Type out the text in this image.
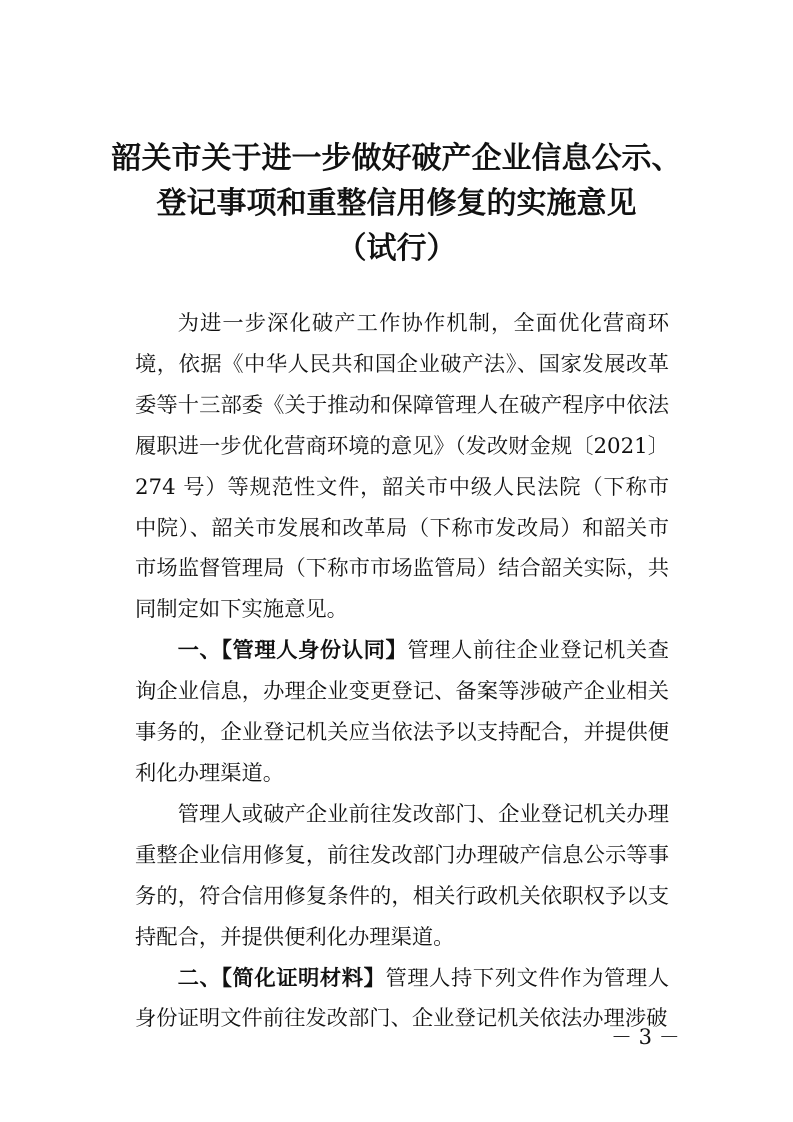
韶关市关于进一步做好破产企业信息公示、
登记事项和重整信用修复的实施意见
（试行）

为进一步深化破产工作协作机制，全面优化营商环境，依据《中华人民共和国企业破产法》、国家发展改革委等十三部委《关于推动和保障管理人在破产程序中依法履职进一步优化营商环境的意见》（发改财金规〔2021〕274 号）等规范性文件，韶关市中级人民法院（下称市中院）、韶关市发展和改革局（下称市发改局）和韶关市市场监督管理局（下称市市场监管局）结合韶关实际，共同制定如下实施意见。

一、【管理人身份认同】管理人前往企业登记机关查询企业信息，办理企业变更登记、备案等涉破产企业相关事务的，企业登记机关应当依法予以支持配合，并提供便利化办理渠道。

管理人或破产企业前往发改部门、企业登记机关办理重整企业信用修复，前往发改部门办理破产信息公示等事务的，符合信用修复条件的，相关行政机关依职权予以支持配合，并提供便利化办理渠道。

二、【简化证明材料】管理人持下列文件作为管理人身份证明文件前往发改部门、企业登记机关依法办理涉破

－ 3 －
